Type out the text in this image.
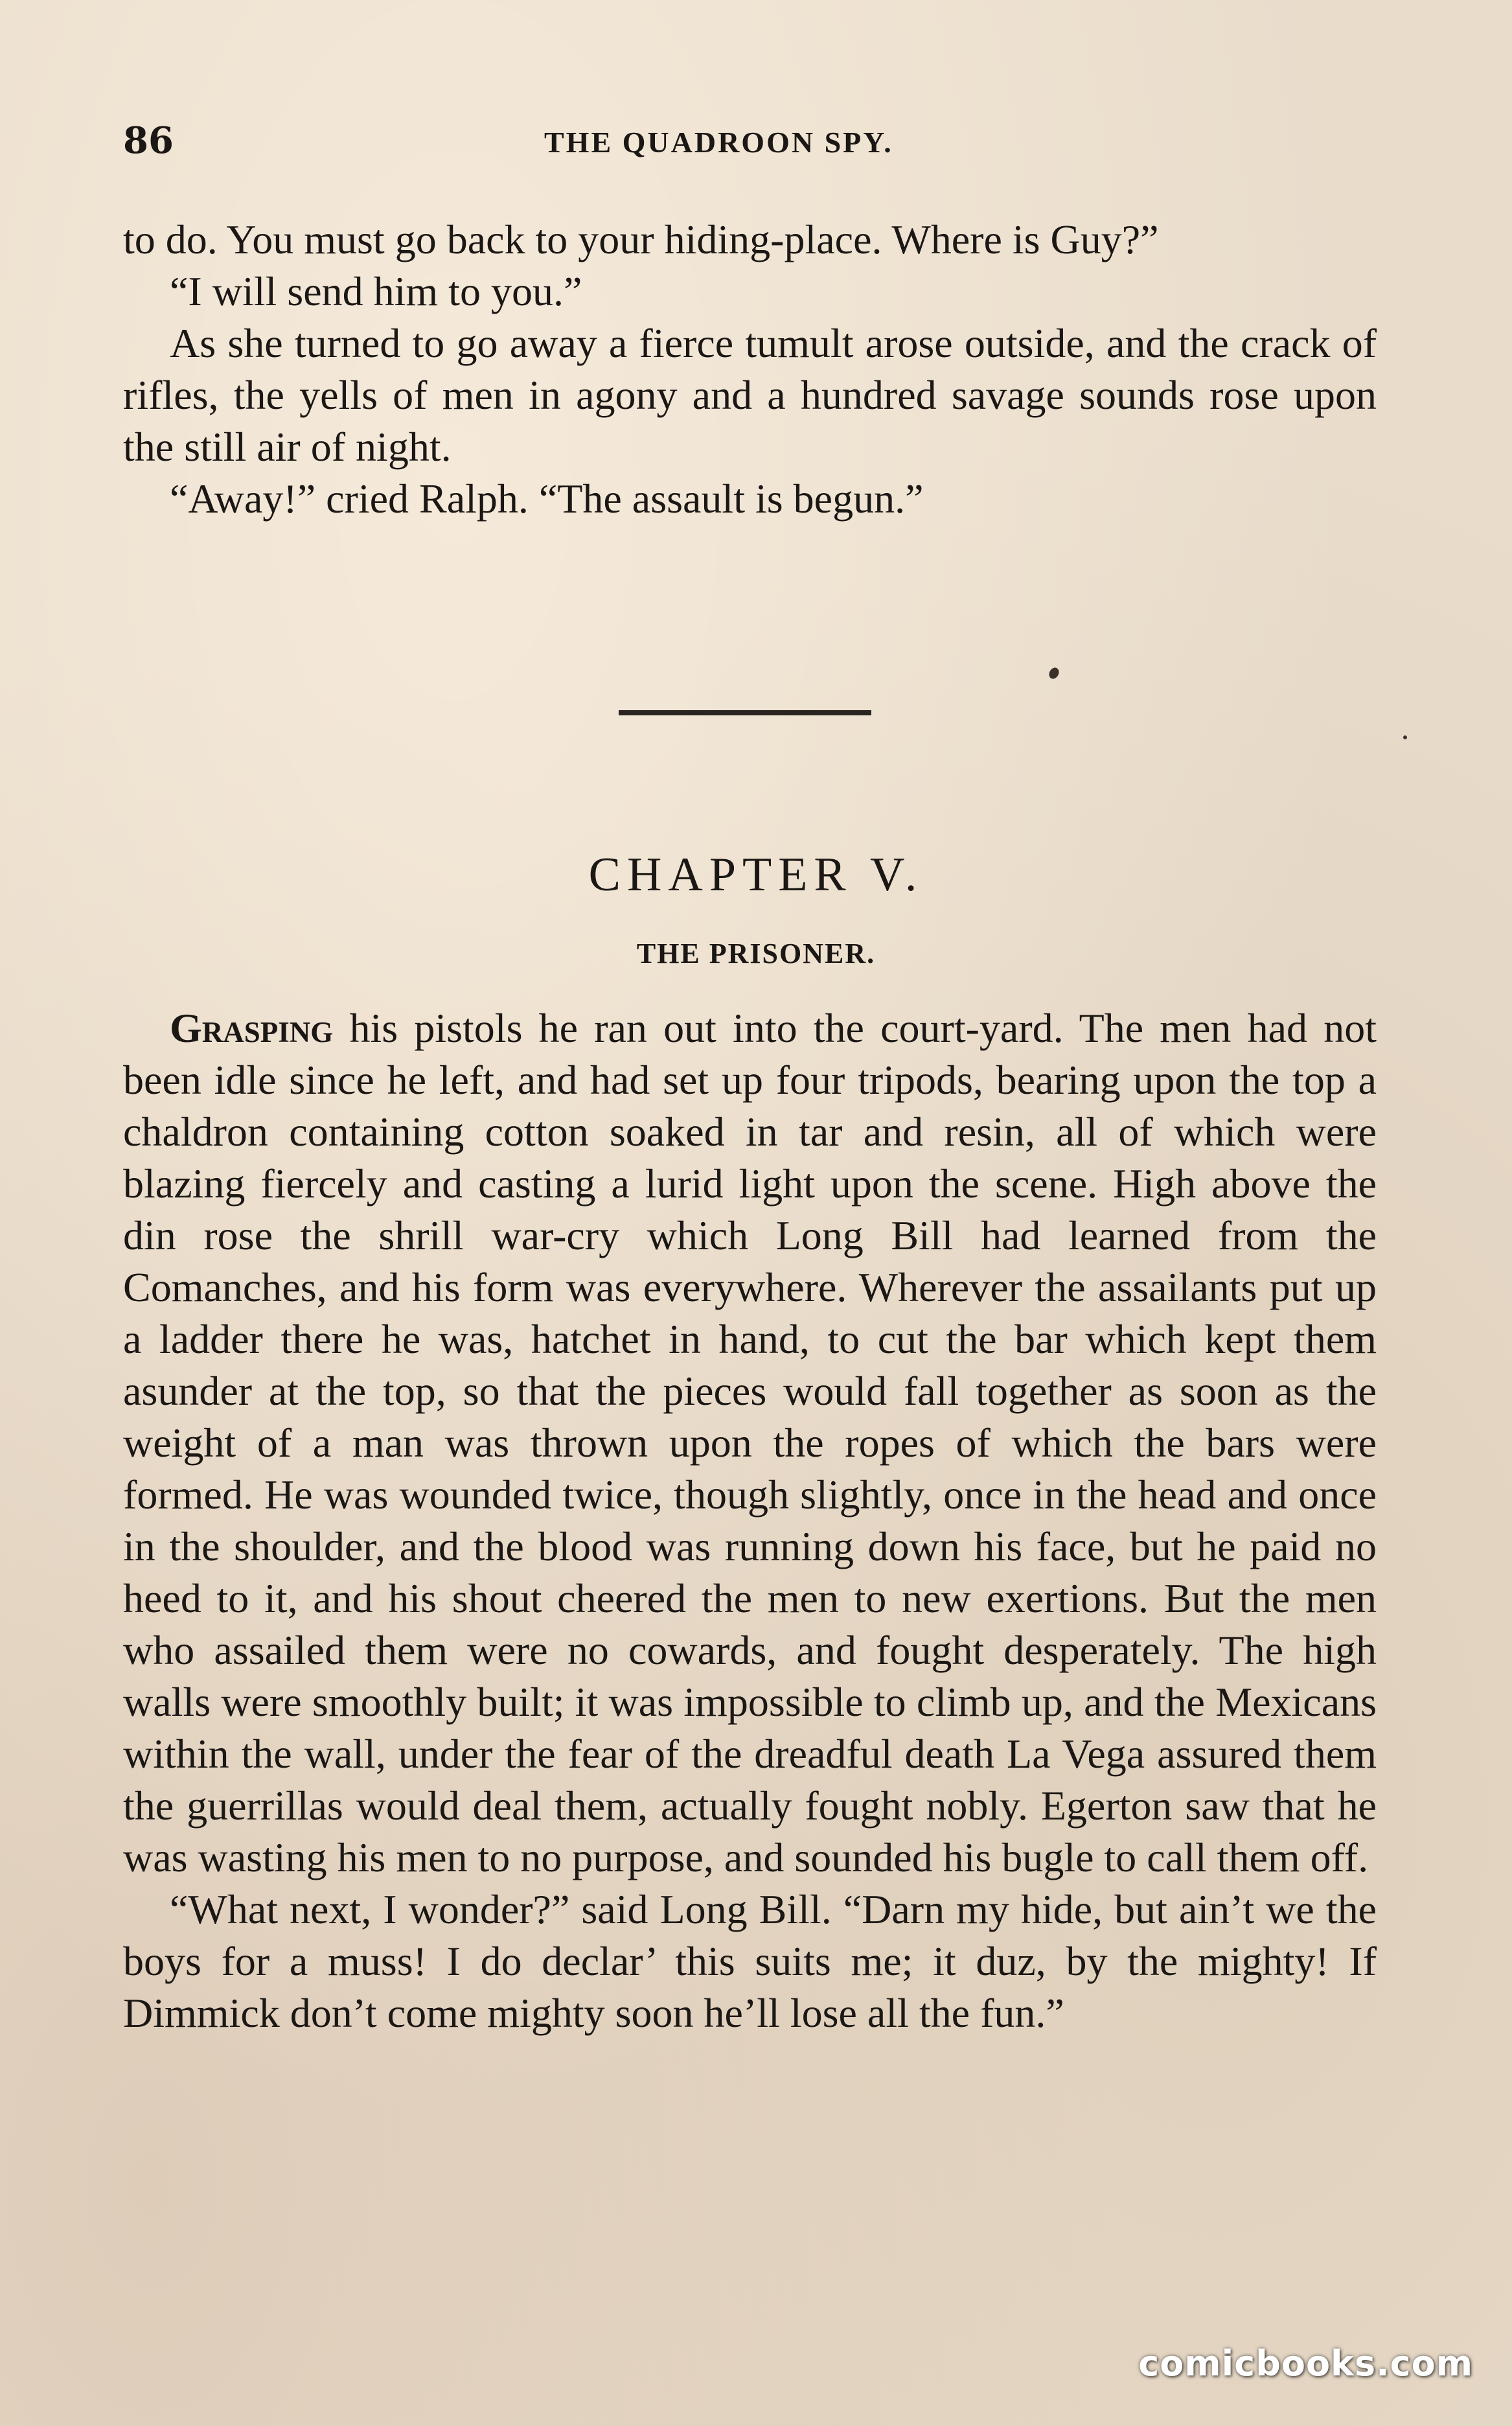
86	THE QUADROON SPY.

to do. You must go back to your hiding-place. Where is Guy?”

“I will send him to you.”

As she turned to go away a fierce tumult arose outside, and the crack of rifles, the yells of men in agony and a hundred savage sounds rose upon the still air of night.

“Away!” cried Ralph. “The assault is begun.”

CHAPTER V.
THE PRISONER.

Grasping his pistols he ran out into the court-yard. The men had not been idle since he left, and had set up four tripods, bearing upon the top a chaldron containing cotton soaked in tar and resin, all of which were blazing fiercely and casting a lurid light upon the scene. High above the din rose the shrill war-cry which Long Bill had learned from the Comanches, and his form was everywhere. Wherever the assailants put up a ladder there he was, hatchet in hand, to cut the bar which kept them asunder at the top, so that the pieces would fall together as soon as the weight of a man was thrown upon the ropes of which the bars were formed. He was wounded twice, though slightly, once in the head and once in the shoulder, and the blood was running down his face, but he paid no heed to it, and his shout cheered the men to new exertions. But the men who assailed them were no cowards, and fought desperately. The high walls were smoothly built; it was impossible to climb up, and the Mexicans within the wall, under the fear of the dreadful death La Vega assured them the guerrillas would deal them, actually fought nobly. Egerton saw that he was wasting his men to no purpose, and sounded his bugle to call them off.

“What next, I wonder?” said Long Bill. “Darn my hide, but ain’t we the boys for a muss! I do declar’ this suits me; it duz, by the mighty! If Dimmick don’t come mighty soon he’ll lose all the fun.”

comicbooks.com
